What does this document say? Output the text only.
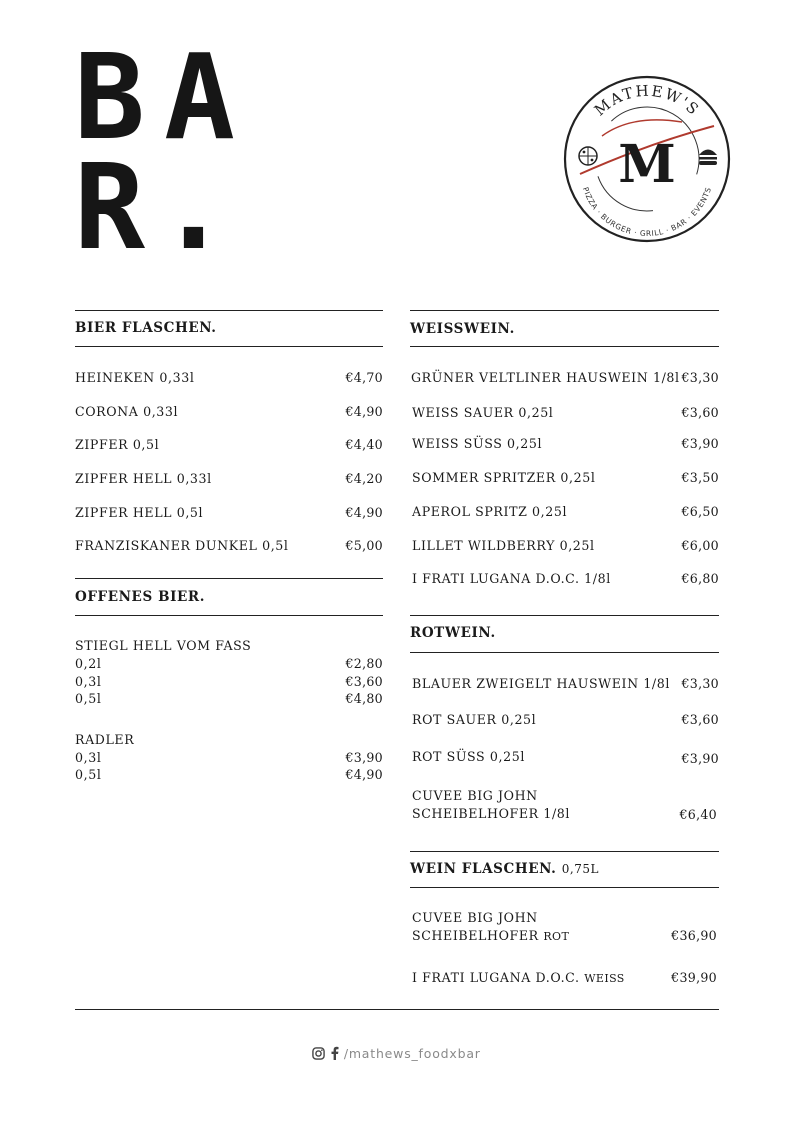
B A
R .
MATHEW'S
PIZZA · BURGER · GRILL · BAR · EVENTS
M
BIER FLASCHEN.
HEINEKEN 0,33l	€4,70
CORONA 0,33l	€4,90
ZIPFER 0,5l	€4,40
ZIPFER HELL 0,33l	€4,20
ZIPFER HELL 0,5l	€4,90
FRANZISKANER DUNKEL 0,5l	€5,00
OFFENES BIER.
STIEGL HELL VOM FASS
0,2l	€2,80
0,3l	€3,60
0,5l	€4,80
RADLER
0,3l	€3,90
0,5l	€4,90
WEISSWEIN.
GRÜNER VELTLINER HAUSWEIN 1/8l €3,30
WEISS SAUER 0,25l	€3,60
WEISS SÜSS 0,25l	€3,90
SOMMER SPRITZER 0,25l	€3,50
APEROL SPRITZ 0,25l	€6,50
LILLET WILDBERRY 0,25l	€6,00
I FRATI LUGANA D.O.C. 1/8l	€6,80
ROTWEIN.
BLAUER ZWEIGELT HAUSWEIN 1/8l €3,30
ROT SAUER 0,25l	€3,60
ROT SÜSS 0,25l	€3,90
CUVEE BIG JOHN
SCHEIBELHOFER 1/8l	€6,40
WEIN FLASCHEN. 0,75L
CUVEE BIG JOHN
SCHEIBELHOFER ROT	€36,90
I FRATI LUGANA D.O.C. WEISS	€39,90
/mathews_foodxbar
